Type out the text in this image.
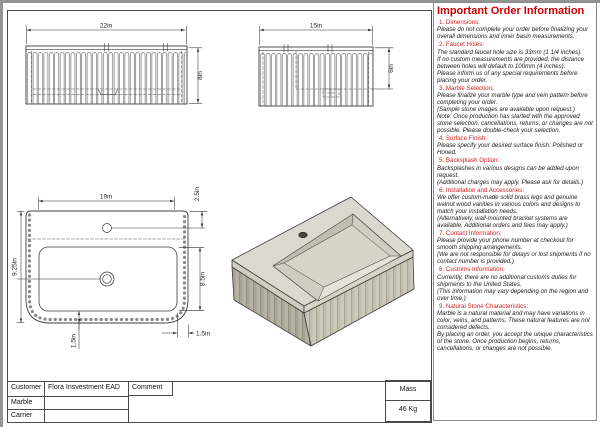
22in
8in
15in
6in
19in	2.5in
9.25in
8.5in
1.5in	1.5in
Customer Flora Insvestment EAD
Marble
Carrier
Comment	Mass
46 Kg
Important Order Information
1. Dimensions:
Please do not complete your order before finalizing your overall dimensions and inner basin measurements.
2. Faucet Holes:
The standard faucet hole size is 33mm (1 1/4 inches).
If no custom measurements are provided, the distance between holes will default to 100mm (4 inches).
Please inform us of any special requirements before placing your order.
3. Marble Selection:
Please finalize your marble type and vein pattern before completing your order.
(Sample stone images are available upon request.)
Note: Once production has started with the approved stone selection, cancellations, returns, or changes are not possible. Please double-check your selection.
4. Surface Finish:
Please specify your desired surface finish: Polished or Honed.
5. Backsplash Option:
Backsplashes in various designs can be added upon request.
(Additional charges may apply. Please ask for details.)
6. Installation and Accessories:
We offer custom-made solid brass legs and genuine walnut wood vanities in various colors and designs to match your installation needs.
(Alternatively, wall-mounted bracket systems are available. Additional orders and fees may apply.)
7. Contact Information:
Please provide your phone number at checkout for smooth shipping arrangements.
(We are not responsible for delays or lost shipments if no contact number is provided.)
8. Customs Information:
Currently, there are no additional customs duties for shipments to the United States.
(This information may vary depending on the region and over time.)
9. Natural Stone Characteristics:
Marble is a natural material and may have variations in color, veins, and patterns. These natural features are not considered defects.
By placing an order, you accept the unique characteristics of the stone. Once production begins, returns, cancellations, or changes are not possible.
